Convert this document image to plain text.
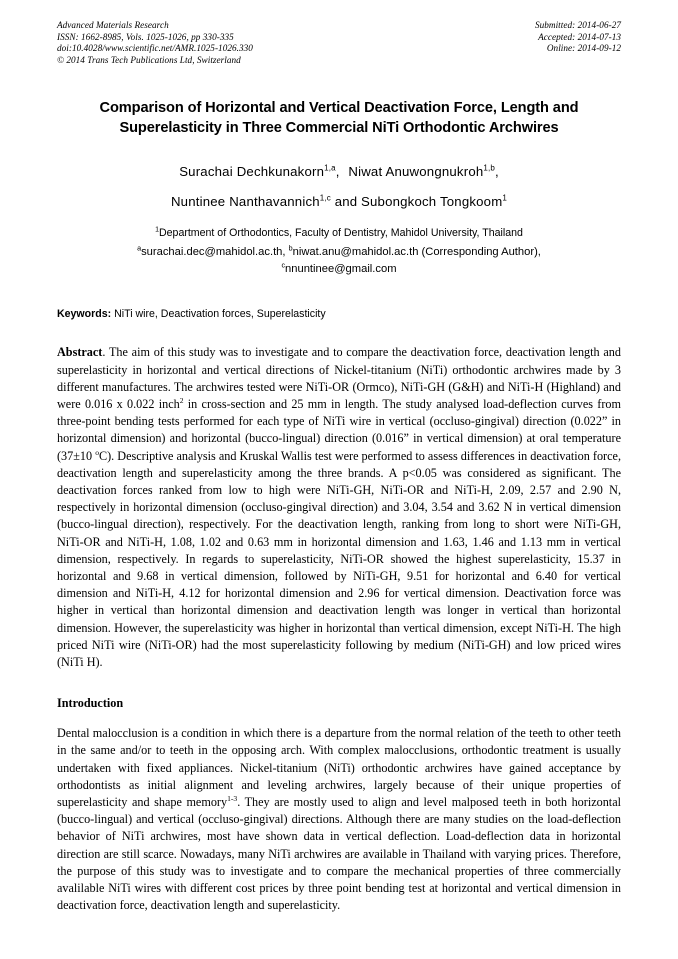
Advanced Materials Research
ISSN: 1662-8985, Vols. 1025-1026, pp 330-335
doi:10.4028/www.scientific.net/AMR.1025-1026.330
© 2014 Trans Tech Publications Ltd, Switzerland
Submitted: 2014-06-27
Accepted: 2014-07-13
Online: 2014-09-12
Comparison of Horizontal and Vertical Deactivation Force, Length and Superelasticity in Three Commercial NiTi Orthodontic Archwires
Surachai Dechkunakorn$^{1,a}$, Niwat Anuwongnukroh$^{1,b}$,
Nuntinee Nanthavannich$^{1,c}$ and Subongkoch Tongkoom$^1$
$^1$Department of Orthodontics, Faculty of Dentistry, Mahidol University, Thailand
$^a$surachai.dec@mahidol.ac.th, $^b$niwat.anu@mahidol.ac.th (Corresponding Author),
$^c$nnuntinee@gmail.com
Keywords: NiTi wire, Deactivation forces, Superelasticity
Abstract. The aim of this study was to investigate and to compare the deactivation force, deactivation length and superelasticity in horizontal and vertical directions of Nickel-titanium (NiTi) orthodontic archwires made by 3 different manufactures. The archwires tested were NiTi-OR (Ormco), NiTi-GH (G&H) and NiTi-H (Highland) and were 0.016 x 0.022 inch$^2$ in cross-section and 25 mm in length. The study analysed load-deflection curves from three-point bending tests performed for each type of NiTi wire in vertical (occluso-gingival) direction (0.022” in horizontal dimension) and horizontal (bucco-lingual) direction (0.016” in vertical dimension) at oral temperature (37±10 $^o$C). Descriptive analysis and Kruskal Wallis test were performed to assess differences in deactivation force, deactivation length and superelasticity among the three brands. A p<0.05 was considered as significant. The deactivation forces ranked from low to high were NiTi-GH, NiTi-OR and NiTi-H, 2.09, 2.57 and 2.90 N, respectively in horizontal dimension (occluso-gingival direction) and 3.04, 3.54 and 3.62 N in vertical dimension (bucco-lingual direction), respectively. For the deactivation length, ranking from long to short were NiTi-GH, NiTi-OR and NiTi-H, 1.08, 1.02 and 0.63 mm in horizontal dimension and 1.63, 1.46 and 1.13 mm in vertical dimension, respectively. In regards to superelasticity, NiTi-OR showed the highest superelasticity, 15.37 in horizontal and 9.68 in vertical dimension, followed by NiTi-GH, 9.51 for horizontal and 6.40 for vertical dimension and NiTi-H, 4.12 for horizontal dimension and 2.96 for vertical dimension. Deactivation force was higher in vertical than horizontal dimension and deactivation length was longer in vertical than horizontal dimension. However, the superelasticity was higher in horizontal than vertical dimension, except NiTi-H. The high priced NiTi wire (NiTi-OR) had the most superelasticity following by medium (NiTi-GH) and low priced wires (NiTi H).
Introduction
Dental malocclusion is a condition in which there is a departure from the normal relation of the teeth to other teeth in the same and/or to teeth in the opposing arch. With complex malocclusions, orthodontic treatment is usually undertaken with fixed appliances. Nickel-titanium (NiTi) orthodontic archwires have gained acceptance by orthodontists as initial alignment and leveling archwires, largely because of their unique properties of superelasticity and shape memory$^{1-3}$. They are mostly used to align and level malposed teeth in both horizontal (bucco-lingual) and vertical (occluso-gingival) directions. Although there are many studies on the load-deflection behavior of NiTi archwires, most have shown data in vertical deflection. Load-deflection data in horizontal direction are still scarce. Nowadays, many NiTi archwires are available in Thailand with varying prices. Therefore, the purpose of this study was to investigate and to compare the mechanical properties of three commercially avalilable NiTi wires with different cost prices by three point bending test at horizontal and vertical dimension in deactivation force, deactivation length and superelasticity.
